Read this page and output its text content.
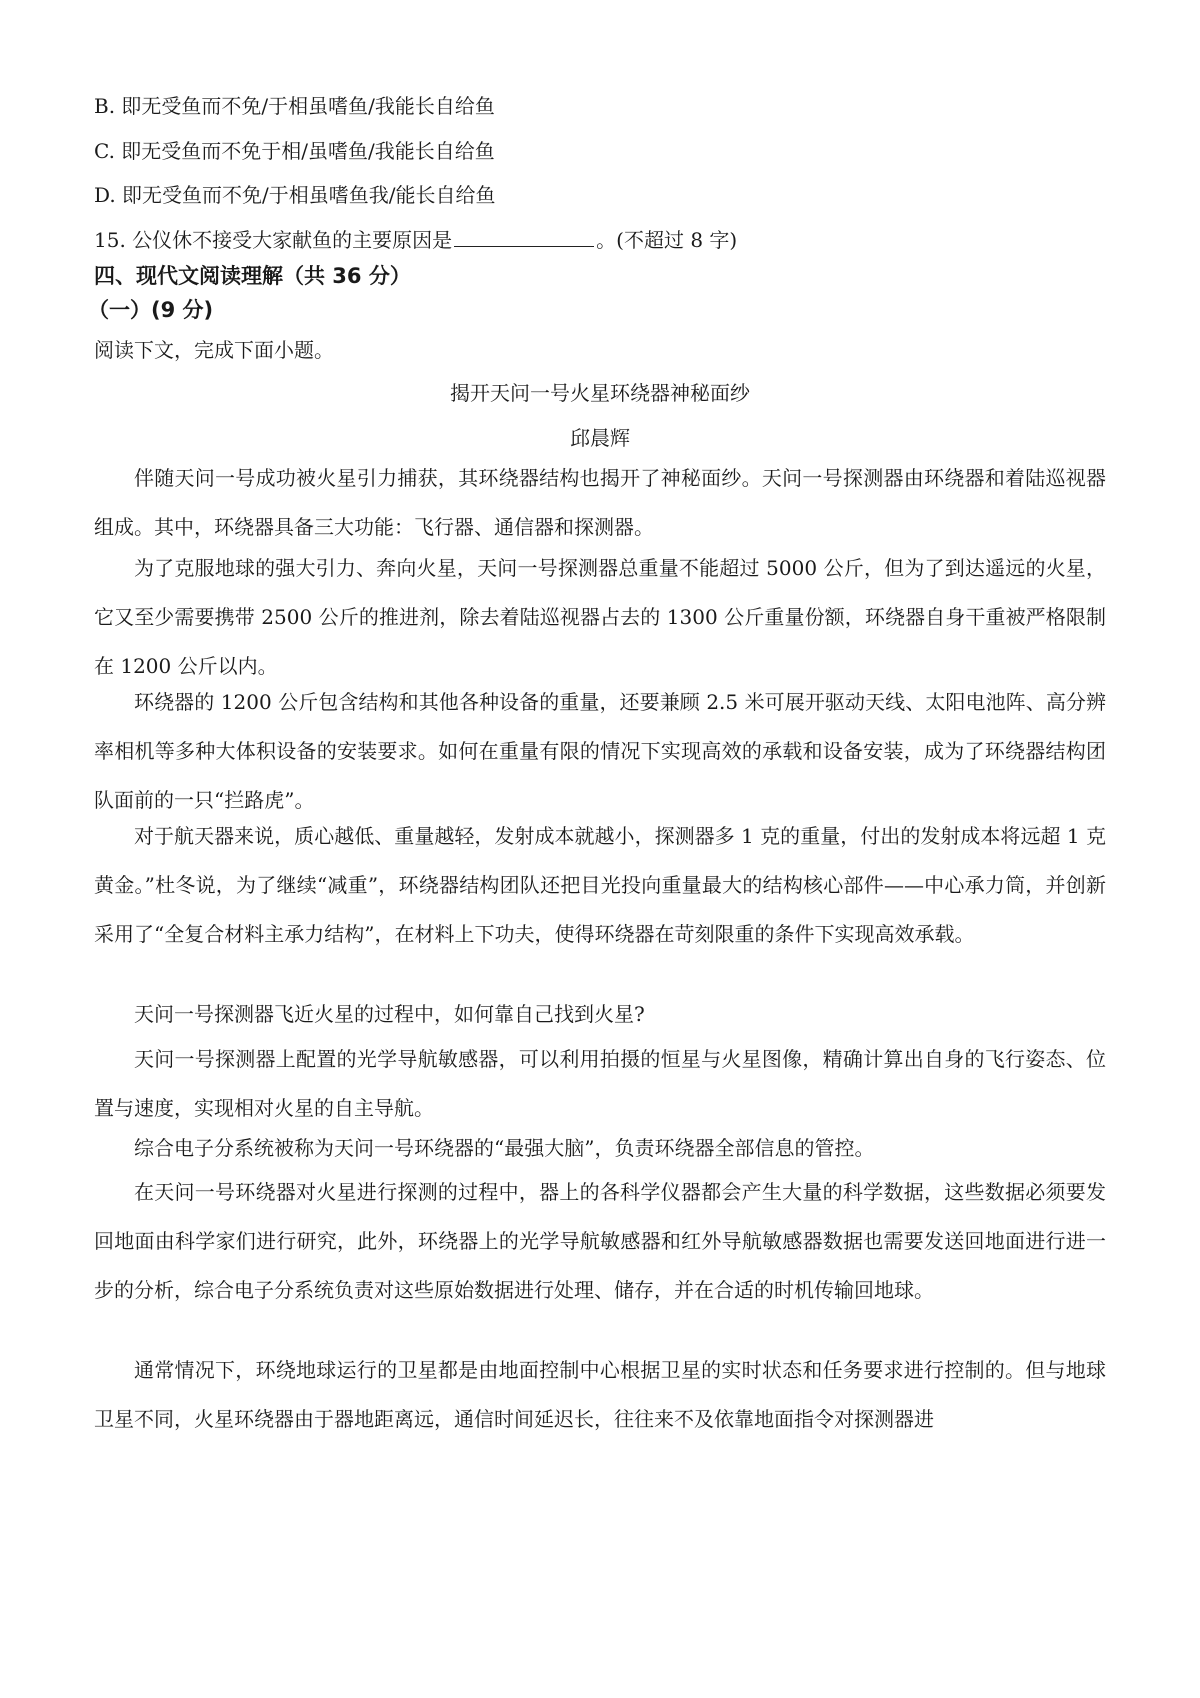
B. 即无受鱼而不免/于相虽嗜鱼/我能长自给鱼
C. 即无受鱼而不免于相/虽嗜鱼/我能长自给鱼
D. 即无受鱼而不免/于相虽嗜鱼我/能长自给鱼
15. 公仪休不接受大家献鱼的主要原因是	。(不超过 8 字)
四、现代文阅读理解（共 36 分）
（一）(9 分)
阅读下文，完成下面小题。
揭开天问一号火星环绕器神秘面纱
邱晨辉
伴随天问一号成功被火星引力捕获，其环绕器结构也揭开了神秘面纱。天问一号探测器由环绕器和着陆巡视器组成。其中，环绕器具备三大功能：飞行器、通信器和探测器。
为了克服地球的强大引力、奔向火星，天问一号探测器总重量不能超过 5000 公斤，但为了到达遥远的火星，它又至少需要携带 2500 公斤的推进剂，除去着陆巡视器占去的 1300 公斤重量份额，环绕器自身干重被严格限制在 1200 公斤以内。
环绕器的 1200 公斤包含结构和其他各种设备的重量，还要兼顾 2.5 米可展开驱动天线、太阳电池阵、高分辨率相机等多种大体积设备的安装要求。如何在重量有限的情况下实现高效的承载和设备安装，成为了环绕器结构团队面前的一只“拦路虎”。
对于航天器来说，质心越低、重量越轻，发射成本就越小，探测器多 1 克的重量，付出的发射成本将远超 1 克黄金。”杜冬说，为了继续“减重”，环绕器结构团队还把目光投向重量最大的结构核心部件——中心承力筒，并创新采用了“全复合材料主承力结构”，在材料上下功夫，使得环绕器在苛刻限重的条件下实现高效承载。
天问一号探测器飞近火星的过程中，如何靠自己找到火星?
天问一号探测器上配置的光学导航敏感器，可以利用拍摄的恒星与火星图像，精确计算出自身的飞行姿态、位置与速度，实现相对火星的自主导航。
综合电子分系统被称为天问一号环绕器的“最强大脑”，负责环绕器全部信息的管控。
在天问一号环绕器对火星进行探测的过程中，器上的各科学仪器都会产生大量的科学数据，这些数据必须要发回地面由科学家们进行研究，此外，环绕器上的光学导航敏感器和红外导航敏感器数据也需要发送回地面进行进一步的分析，综合电子分系统负责对这些原始数据进行处理、储存，并在合适的时机传输回地球。
通常情况下，环绕地球运行的卫星都是由地面控制中心根据卫星的实时状态和任务要求进行控制的。但与地球卫星不同，火星环绕器由于器地距离远，通信时间延迟长，往往来不及依靠地面指令对探测器进
